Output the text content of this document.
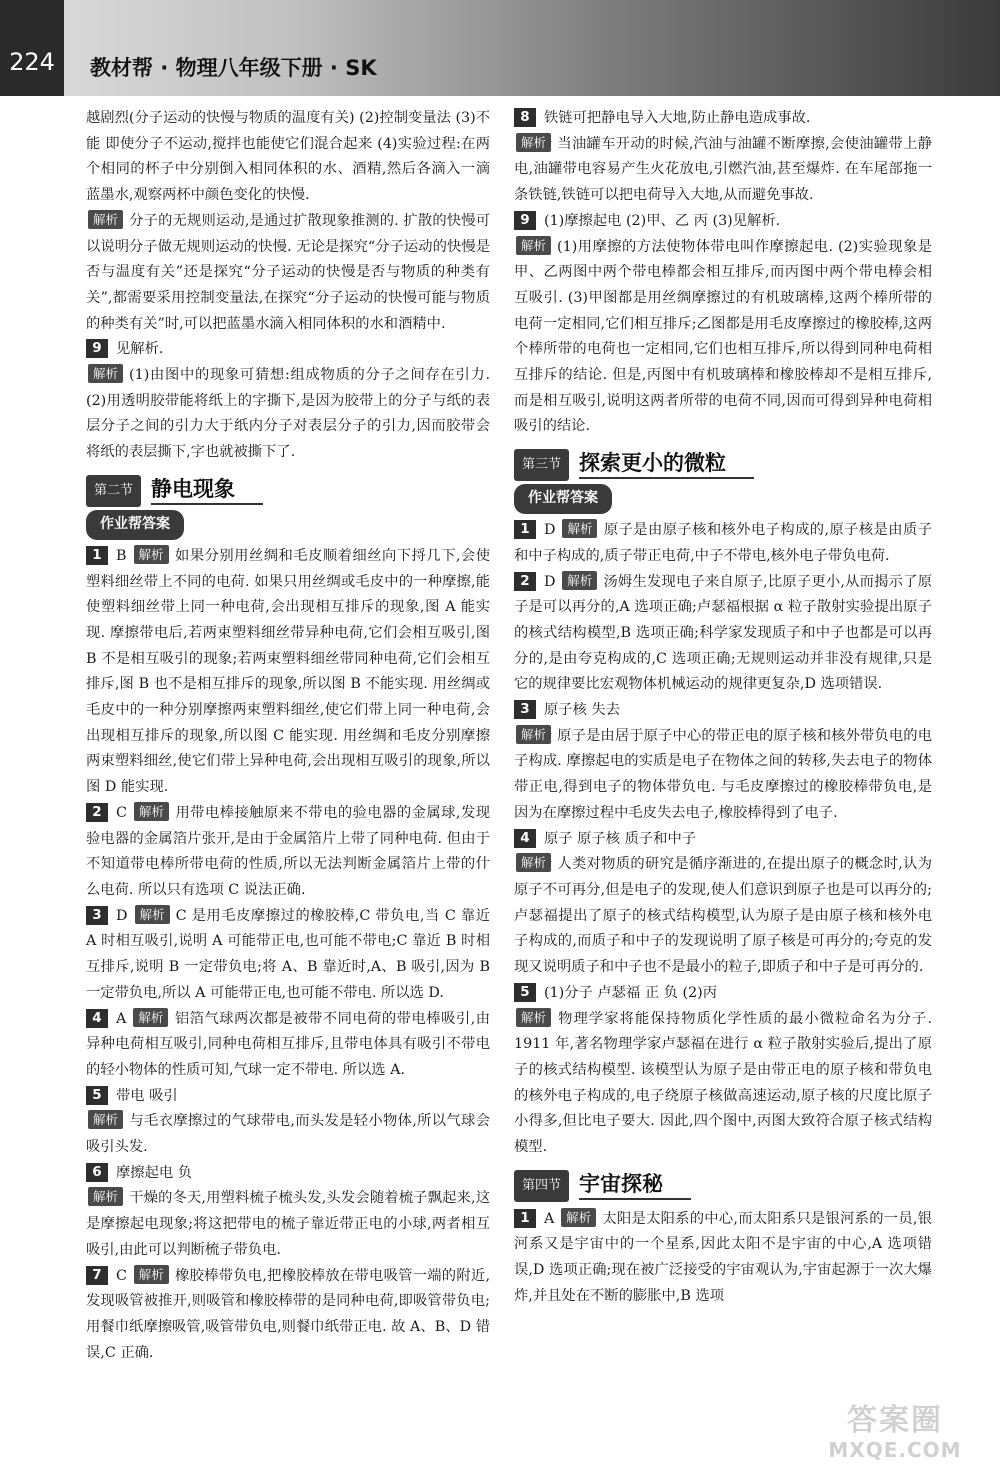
224	教材帮 · 物理八年级下册 · SK

越剧烈(分子运动的快慢与物质的温度有关) (2)控制变量法 (3)不能 即使分子不运动,搅拌也能使它们混合起来 (4)实验过程:在两个相同的杯子中分别倒入相同体积的水、酒精,然后各滴入一滴蓝墨水,观察两杯中颜色变化的快慢.

解析 分子的无规则运动,是通过扩散现象推测的. 扩散的快慢可以说明分子做无规则运动的快慢. 无论是探究“分子运动的快慢是否与温度有关”还是探究“分子运动的快慢是否与物质的种类有关”,都需要采用控制变量法,在探究“分子运动的快慢可能与物质的种类有关”时,可以把蓝墨水滴入相同体积的水和酒精中.

9 见解析.

解析 (1)由图中的现象可猜想:组成物质的分子之间存在引力. (2)用透明胶带能将纸上的字撕下,是因为胶带上的分子与纸的表层分子之间的引力大于纸内分子对表层分子的引力,因而胶带会将纸的表层撕下,字也就被撕下了.

第二节 静电现象
作业帮答案

1 B 解析 如果分别用丝绸和毛皮顺着细丝向下捋几下,会使塑料细丝带上不同的电荷. 如果只用丝绸或毛皮中的一种摩擦,能使塑料细丝带上同一种电荷,会出现相互排斥的现象,图 A 能实现. 摩擦带电后,若两束塑料细丝带异种电荷,它们会相互吸引,图 B 不是相互吸引的现象;若两束塑料细丝带同种电荷,它们会相互排斥,图 B 也不是相互排斥的现象,所以图 B 不能实现. 用丝绸或毛皮中的一种分别摩擦两束塑料细丝,使它们带上同一种电荷,会出现相互排斥的现象,所以图 C 能实现. 用丝绸和毛皮分别摩擦两束塑料细丝,使它们带上异种电荷,会出现相互吸引的现象,所以图 D 能实现.

2 C 解析 用带电棒接触原来不带电的验电器的金属球,发现验电器的金属箔片张开,是由于金属箔片上带了同种电荷. 但由于不知道带电棒所带电荷的性质,所以无法判断金属箔片上带的什么电荷. 所以只有选项 C 说法正确.

3 D 解析 C 是用毛皮摩擦过的橡胶棒,C 带负电,当 C 靠近 A 时相互吸引,说明 A 可能带正电,也可能不带电;C 靠近 B 时相互排斥,说明 B 一定带负电;将 A、B 靠近时,A、B 吸引,因为 B 一定带负电,所以 A 可能带正电,也可能不带电. 所以选 D.

4 A 解析 铝箔气球两次都是被带不同电荷的带电棒吸引,由异种电荷相互吸引,同种电荷相互排斥,且带电体具有吸引不带电的轻小物体的性质可知,气球一定不带电. 所以选 A.

5 带电 吸引

解析 与毛衣摩擦过的气球带电,而头发是轻小物体,所以气球会吸引头发.

6 摩擦起电 负

解析 干燥的冬天,用塑料梳子梳头发,头发会随着梳子飘起来,这是摩擦起电现象;将这把带电的梳子靠近带正电的小球,两者相互吸引,由此可以判断梳子带负电.

7 C 解析 橡胶棒带负电,把橡胶棒放在带电吸管一端的附近,发现吸管被推开,则吸管和橡胶棒带的是同种电荷,即吸管带负电;用餐巾纸摩擦吸管,吸管带负电,则餐巾纸带正电. 故 A、B、D 错误,C 正确.

8 铁链可把静电导入大地,防止静电造成事故.

解析 当油罐车开动的时候,汽油与油罐不断摩擦,会使油罐带上静电,油罐带电容易产生火花放电,引燃汽油,甚至爆炸. 在车尾部拖一条铁链,铁链可以把电荷导入大地,从而避免事故.

9 (1)摩擦起电 (2)甲、乙 丙 (3)见解析.

解析 (1)用摩擦的方法使物体带电叫作摩擦起电. (2)实验现象是甲、乙两图中两个带电棒都会相互排斥,而丙图中两个带电棒会相互吸引. (3)甲图都是用丝绸摩擦过的有机玻璃棒,这两个棒所带的电荷一定相同,它们相互排斥;乙图都是用毛皮摩擦过的橡胶棒,这两个棒所带的电荷也一定相同,它们也相互排斥,所以得到同种电荷相互排斥的结论. 但是,丙图中有机玻璃棒和橡胶棒却不是相互排斥,而是相互吸引,说明这两者所带的电荷不同,因而可得到异种电荷相吸引的结论.

第三节 探索更小的微粒
作业帮答案

1 D 解析 原子是由原子核和核外电子构成的,原子核是由质子和中子构成的,质子带正电荷,中子不带电,核外电子带负电荷.

2 D 解析 汤姆生发现电子来自原子,比原子更小,从而揭示了原子是可以再分的,A 选项正确;卢瑟福根据 α 粒子散射实验提出原子的核式结构模型,B 选项正确;科学家发现质子和中子也都是可以再分的,是由夸克构成的,C 选项正确;无规则运动并非没有规律,只是它的规律要比宏观物体机械运动的规律更复杂,D 选项错误.

3 原子核 失去

解析 原子是由居于原子中心的带正电的原子核和核外带负电的电子构成. 摩擦起电的实质是电子在物体之间的转移,失去电子的物体带正电,得到电子的物体带负电. 与毛皮摩擦过的橡胶棒带负电,是因为在摩擦过程中毛皮失去电子,橡胶棒得到了电子.

4 原子 原子核 质子和中子

解析 人类对物质的研究是循序渐进的,在提出原子的概念时,认为原子不可再分,但是电子的发现,使人们意识到原子也是可以再分的;卢瑟福提出了原子的核式结构模型,认为原子是由原子核和核外电子构成的,而质子和中子的发现说明了原子核是可再分的;夸克的发现又说明质子和中子也不是最小的粒子,即质子和中子是可再分的.

5 (1)分子 卢瑟福 正 负 (2)丙

解析 物理学家将能保持物质化学性质的最小微粒命名为分子. 1911 年,著名物理学家卢瑟福在进行 α 粒子散射实验后,提出了原子的核式结构模型. 该模型认为原子是由带正电的原子核和带负电的核外电子构成的,电子绕原子核做高速运动,原子核的尺度比原子小得多,但比电子要大. 因此,四个图中,丙图大致符合原子核式结构模型.

第四节 宇宙探秘

1 A 解析 太阳是太阳系的中心,而太阳系只是银河系的一员,银河系又是宇宙中的一个星系,因此太阳不是宇宙的中心,A 选项错误,D 选项正确;现在被广泛接受的宇宙观认为,宇宙起源于一次大爆炸,并且处在不断的膨胀中,B 选项

答案圈
MXQE.COM
